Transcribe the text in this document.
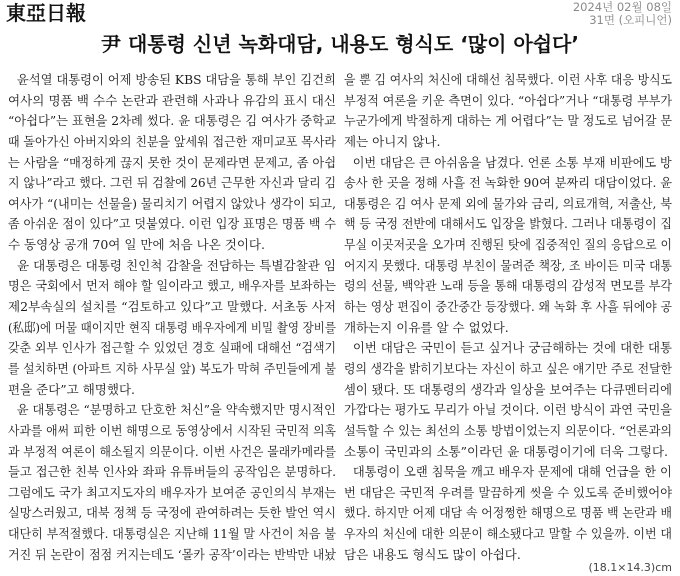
東亞日報	2024년 02월 08일
31면 (오피니언)
尹 대통령 신년 녹화대담, 내용도 형식도 ‘많이 아쉽다’
윤석열 대통령이 어제 방송된 KBS 대담을 통해 부인 김건희
여사의 명품 백 수수 논란과 관련해 사과나 유감의 표시 대신
“아쉽다”는 표현을 2차례 썼다. 윤 대통령은 김 여사가 중학교
때 돌아가신 아버지와의 친분을 앞세워 접근한 재미교포 목사라
는 사람을 “매정하게 끊지 못한 것이 문제라면 문제고, 좀 아쉽
지 않나”라고 했다. 그런 뒤 검찰에 26년 근무한 자신과 달리 김
여사가 “(내미는 선물을) 물리치기 어렵지 않았나 생각이 되고,
좀 아쉬운 점이 있다”고 덧붙였다. 이런 입장 표명은 명품 백 수
수 동영상 공개 70여 일 만에 처음 나온 것이다.
윤 대통령은 대통령 친인척 감찰을 전담하는 특별감찰관 임
명은 국회에서 먼저 해야 할 일이라고 했고, 배우자를 보좌하는
제2부속실의 설치를 “검토하고 있다”고 말했다. 서초동 사저
(私邸)에 머물 때이지만 현직 대통령 배우자에게 비밀 촬영 장비를
갖춘 외부 인사가 접근할 수 있었던 경호 실패에 대해선 “검색기
를 설치하면 (아파트 지하 사무실 앞) 복도가 막혀 주민들에게 불
편을 준다”고 해명했다.
윤 대통령은 “분명하고 단호한 처신”을 약속했지만 명시적인
사과를 애써 피한 이번 해명으로 동영상에서 시작된 국민적 의혹
과 부정적 여론이 해소될지 의문이다. 이번 사건은 몰래카메라를
들고 접근한 친북 인사와 좌파 유튜버들의 공작임은 분명하다.
그럼에도 국가 최고지도자의 배우자가 보여준 공인의식 부재는
실망스러웠고, 대북 정책 등 국정에 관여하려는 듯한 발언 역시
대단히 부적절했다. 대통령실은 지난해 11월 말 사건이 처음 불
거진 뒤 논란이 점점 커지는데도 ‘몰카 공작’이라는 반박만 내놨
을 뿐 김 여사의 처신에 대해선 침묵했다. 이런 사후 대응 방식도
부정적 여론을 키운 측면이 있다. “아쉽다”거나 “대통령 부부가
누군가에게 박절하게 대하는 게 어렵다”는 말 정도로 넘어갈 문
제는 아니지 않나.
이번 대담은 큰 아쉬움을 남겼다. 언론 소통 부재 비판에도 방
송사 한 곳을 정해 사흘 전 녹화한 90여 분짜리 대담이었다. 윤
대통령은 김 여사 문제 외에 물가와 금리, 의료개혁, 저출산, 북
핵 등 국정 전반에 대해서도 입장을 밝혔다. 그러나 대통령이 집
무실 이곳저곳을 오가며 진행된 탓에 집중적인 질의 응답으로 이
어지지 못했다. 대통령 부친이 물려준 책장, 조 바이든 미국 대통
령의 선물, 백악관 노래 등을 통해 대통령의 감성적 면모를 부각
하는 영상 편집이 중간중간 등장했다. 왜 녹화 후 사흘 뒤에야 공
개하는지 이유를 알 수 없었다.
이번 대담은 국민이 듣고 싶거나 궁금해하는 것에 대한 대통
령의 생각을 밝히기보다는 자신이 하고 싶은 얘기만 주로 전달한
셈이 됐다. 또 대통령의 생각과 일상을 보여주는 다큐멘터리에
가깝다는 평가도 무리가 아닐 것이다. 이런 방식이 과연 국민을
설득할 수 있는 최선의 소통 방법이었는지 의문이다. “언론과의
소통이 국민과의 소통”이라던 윤 대통령이기에 더욱 그렇다.
대통령이 오랜 침묵을 깨고 배우자 문제에 대해 언급을 한 이
번 대담은 국민적 우려를 말끔하게 씻을 수 있도록 준비했어야
했다. 하지만 어제 대담 속 어정쩡한 해명으로 명품 백 논란과 배
우자의 처신에 대한 의문이 해소됐다고 말할 수 있을까. 이번 대
담은 내용도 형식도 많이 아쉽다.
(18.1×14.3)cm
